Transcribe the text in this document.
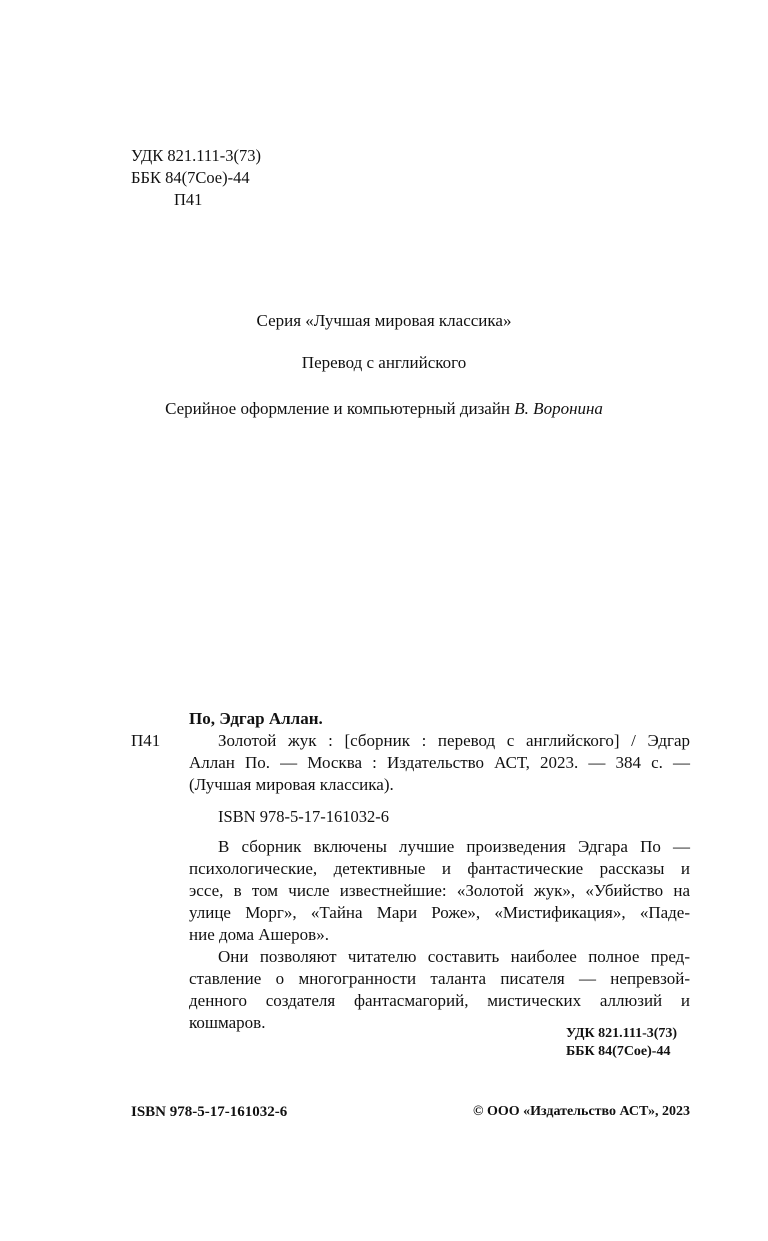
УДК 821.111-3(73)
ББК 84(7Сое)-44
П41
Серия «Лучшая мировая классика»
Перевод с английского
Серийное оформление и компьютерный дизайн В. Воронина
По, Эдгар Аллан.
П41	Золотой жук : [сборник : перевод с английского] / Эдгар
Аллан По. — Москва : Издательство АСТ, 2023. — 384 с. —
(Лучшая мировая классика).
ISBN 978-5-17-161032-6
В сборник включены лучшие произведения Эдгара По —
психологические, детективные и фантастические рассказы и
эссе, в том числе известнейшие: «Золотой жук», «Убийство на
улице Морг», «Тайна Мари Роже», «Мистификация», «Паде-
ние дома Ашеров».
Они позволяют читателю составить наиболее полное пред-
ставление о многогранности таланта писателя — непревзой-
денного создателя фантасмагорий, мистических аллюзий и
кошмаров.
УДК 821.111-3(73)
ББК 84(7Сое)-44
ISBN 978-5-17-161032-6	© ООО «Издательство АСТ», 2023
